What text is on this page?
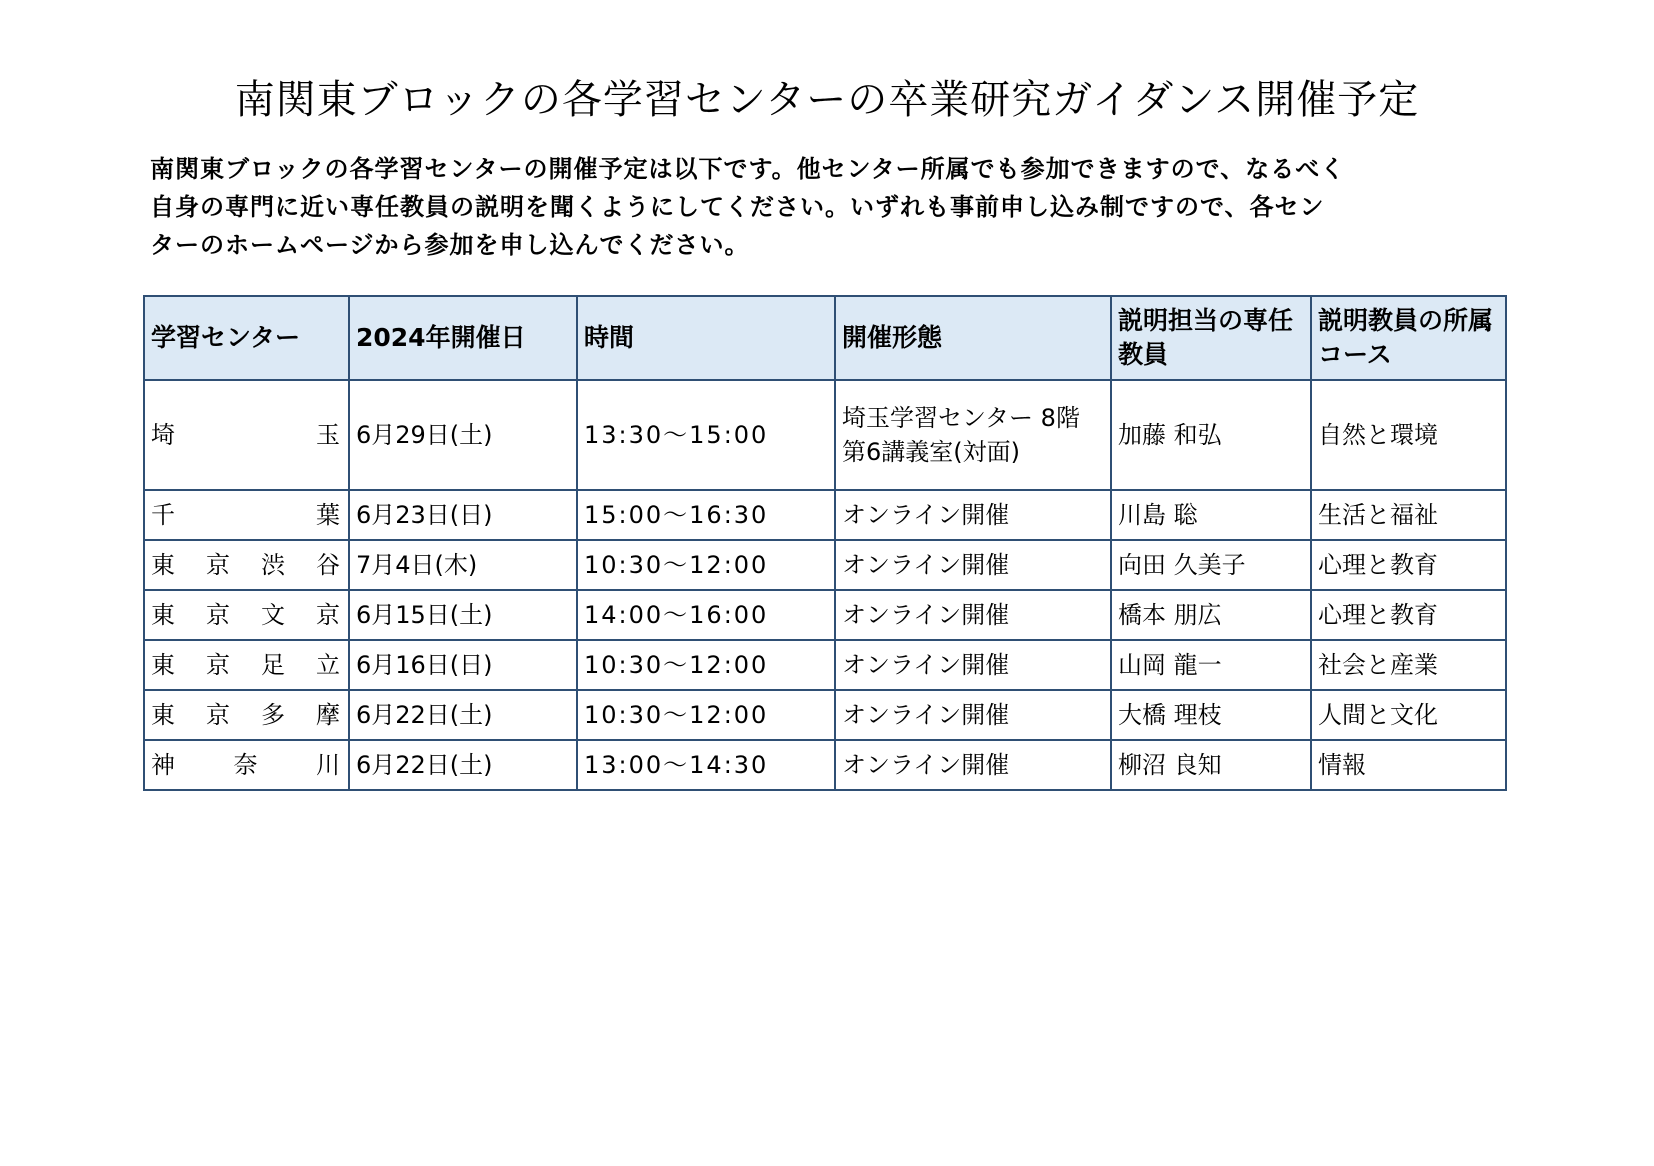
南関東ブロックの各学習センターの卒業研究ガイダンス開催予定
南関東ブロックの各学習センターの開催予定は以下です。他センター所属でも参加できますので、なるべく
自身の専門に近い専任教員の説明を聞くようにしてください。いずれも事前申し込み制ですので、各セン
ターのホームページから参加を申し込んでください。
学習センター	2024年開催日	時間	開催形態	説明担当の専任教員	説明教員の所属コース
埼玉	6月29日(土)	13:30～15:00	埼玉学習センター 8階 第6講義室(対面)	加藤 和弘	自然と環境
千葉	6月23日(日)	15:00～16:30	オンライン開催	川島 聡	生活と福祉
東京渋谷	7月4日(木)	10:30～12:00	オンライン開催	向田 久美子	心理と教育
東京文京	6月15日(土)	14:00～16:00	オンライン開催	橋本 朋広	心理と教育
東京足立	6月16日(日)	10:30～12:00	オンライン開催	山岡 龍一	社会と産業
東京多摩	6月22日(土)	10:30～12:00	オンライン開催	大橋 理枝	人間と文化
神奈川	6月22日(土)	13:00～14:30	オンライン開催	柳沼 良知	情報
